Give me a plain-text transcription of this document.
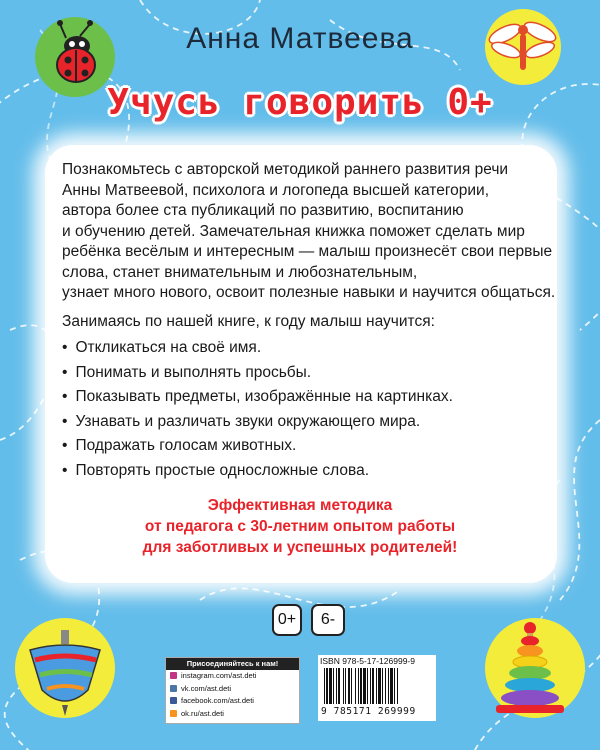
Анна Матвеева
Учусь говорить 0+

Познакомьтесь с авторской методикой раннего развития речи
Анны Матвеевой, психолога и логопеда высшей категории,
автора более ста публикаций по развитию, воспитанию
и обучению детей. Замечательная книжка поможет сделать мир
ребёнка весёлым и интересным — малыш произнесёт свои первые
слова, станет внимательным и любознательным,
узнает много нового, освоит полезные навыки и научится общаться.

Занимаясь по нашей книге, к году малыш научится:

• Откликаться на своё имя.
• Понимать и выполнять просьбы.
• Показывать предметы, изображённые на картинках.
• Узнавать и различать звуки окружающего мира.
• Подражать голосам животных.
• Повторять простые односложные слова.
Эффективная методика
от педагога с 30-летним опытом работы
для заботливых и успешных родителей!
0+	6-
Присоединяйтесь к нам!
instagram.com/ast.deti
vk.com/ast.deti
facebook.com/ast.deti
ok.ru/ast.deti
ISBN 978-5-17-126999-9
9 785171 269999
